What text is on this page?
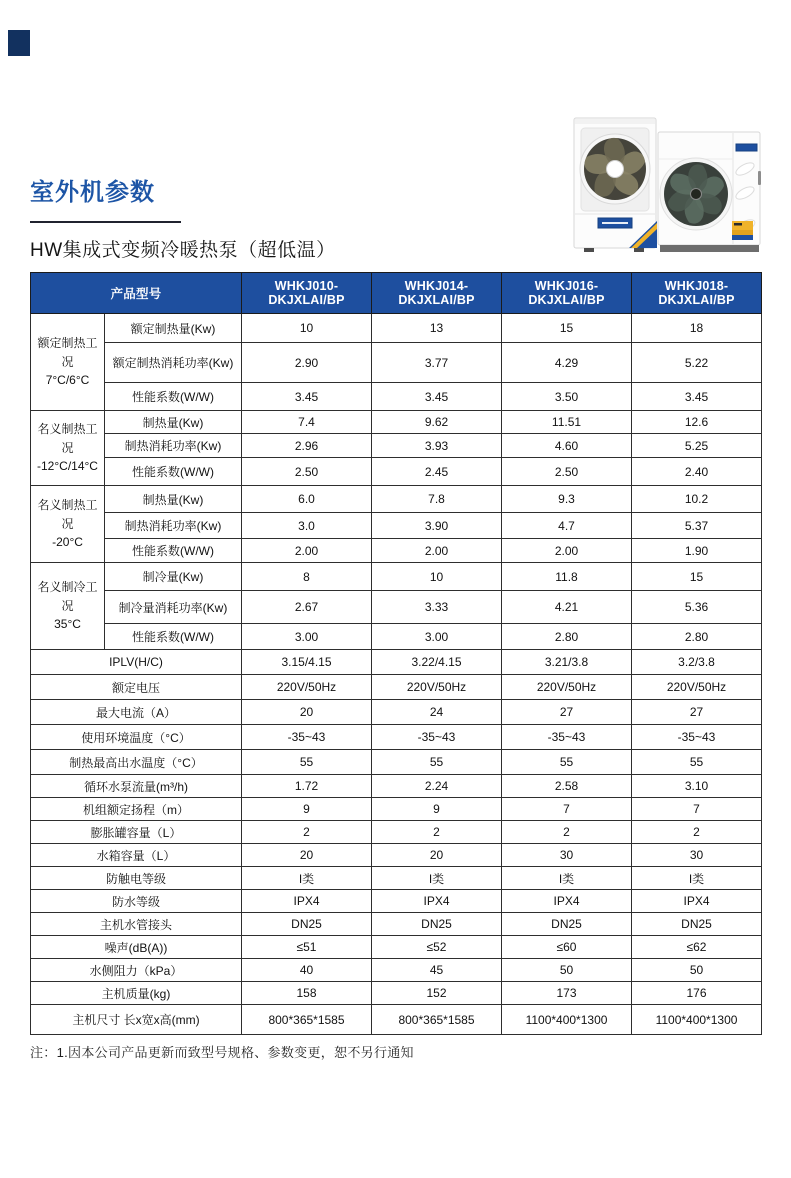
室外机参数
HW集成式变频冷暖热泵（超低温）
产品型号		WHKJ010-DKJXLAI/BP	WHKJ014-DKJXLAI/BP	WHKJ016-DKJXLAI/BP	WHKJ018-DKJXLAI/BP

额定制热工况
7°C/6°C	额定制热量(Kw)	10	13	15	18
	额定制热消耗功率(Kw)	2.90	3.77	4.29	5.22
	性能系数(W/W)	3.45	3.45	3.50	3.45

名义制热工况
-12°C/14°C	制热量(Kw)	7.4	9.62	11.51	12.6
	制热消耗功率(Kw)	2.96	3.93	4.60	5.25
	性能系数(W/W)	2.50	2.45	2.50	2.40

名义制热工况
-20°C	制热量(Kw)	6.0	7.8	9.3	10.2
	制热消耗功率(Kw)	3.0	3.90	4.7	5.37
	性能系数(W/W)	2.00	2.00	2.00	1.90

名义制冷工况
35°C	制冷量(Kw)	8	10	11.8	15
	制冷量消耗功率(Kw)	2.67	3.33	4.21	5.36
	性能系数(W/W)	3.00	3.00	2.80	2.80
IPLV(H/C)		3.15/4.15	3.22/4.15	3.21/3.8	3.2/3.8
额定电压		220V/50Hz	220V/50Hz	220V/50Hz	220V/50Hz
最大电流（A）		20	24	27	27
使用环境温度（°C）		-35~43	-35~43	-35~43	-35~43
制热最高出水温度（°C）		55	55	55	55
循环水泵流量(m³/h)		1.72	2.24	2.58	3.10
机组额定扬程（m）		9	9	7	7
膨胀罐容量（L）		2	2	2	2
水箱容量（L）		20	20	30	30
防触电等级		I类	I类	I类	I类
防水等级		IPX4	IPX4	IPX4	IPX4
主机水管接头		DN25	DN25	DN25	DN25
噪声(dB(A))		≤51	≤52	≤60	≤62
水侧阻力（kPa）		40	45	50	50
主机质量(kg)		158	152	173	176
主机尺寸 长x宽x高(mm)		800*365*1585	800*365*1585	1100*400*1300	1100*400*1300
注：1.因本公司产品更新而致型号规格、参数变更，恕不另行通知
